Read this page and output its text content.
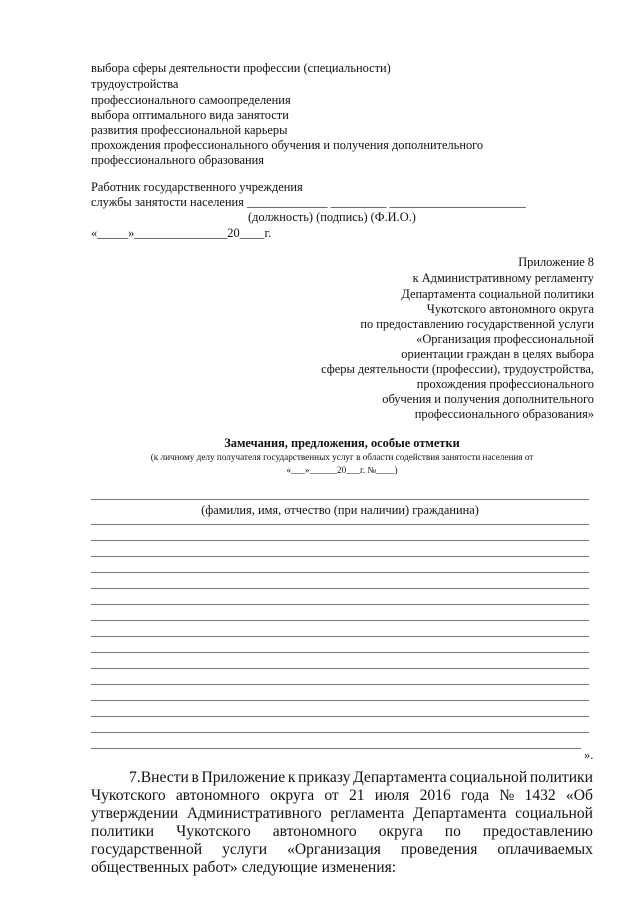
выбора сферы деятельности профессии (специальности)
трудоустройства
профессионального самоопределения
выбора оптимального вида занятости
развития профессиональной карьеры
прохождения профессионального обучения и получения дополнительного
профессионального образования
Работник государственного учреждения
службы занятости населения _____________ _________ ______________________
(должность) (подпись) (Ф.И.О.)
«_____»_______________20____г.
Приложение 8
к Административному регламенту
Департамента социальной политики
Чукотского автономного округа
по предоставлению государственной услуги
«Организация профессиональной
ориентации граждан в целях выбора
сферы деятельности (профессии), трудоустройства,
прохождения профессионального
обучения и получения дополнительного
профессионального образования»
Замечания, предложения, особые отметки
(к личному делу получателя государственных услуг в области содействия занятости населения от
«___»______20___г. №____)
(фамилия, имя, отчество (при наличии) гражданина)
».
7.Внести в Приложение к приказу Департамента социальной политики
Чукотского автономного округа от 21 июля 2016 года № 1432 «Об
утверждении Административного регламента Департамента социальной
политики Чукотского автономного округа по предоставлению
государственной услуги «Организация проведения оплачиваемых
общественных работ» следующие изменения:
